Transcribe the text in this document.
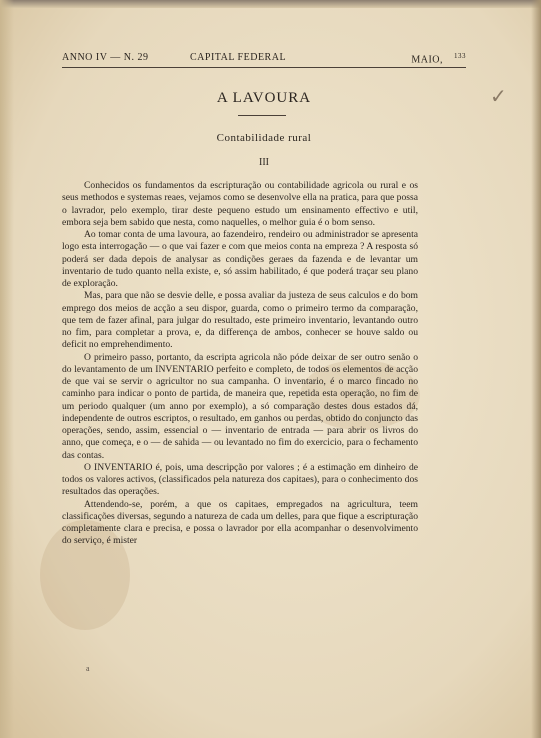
ANNO IV — N. 29	CAPITAL FEDERAL	MAIO, $^{133}$
✓
A LAVOURA
Contabilidade rural
III

Conhecidos os fundamentos da escripturação ou contabilidade agricola ou rural e os seus methodos e systemas reaes, vejamos como se desenvolve ella na pratica, para que possa o lavrador, pelo exemplo, tirar deste pequeno estudo um ensinamento effectivo e util, embora seja bem sabido que nesta, como naquelles, o melhor guia é o bom senso.

Ao tomar conta de uma lavoura, ao fazendeiro, rendeiro ou administrador se apresenta logo esta interrogação — o que vai fazer e com que meios conta na empreza ? A resposta só poderá ser dada depois de analysar as condições geraes da fazenda e de levantar um inventario de tudo quanto nella existe, e, só assim habilitado, é que poderá traçar seu plano de exploração.

Mas, para que não se desvie delle, e possa avaliar da justeza de seus calculos e do bom emprego dos meios de acção a seu dispor, guarda, como o primeiro termo da comparação, que tem de fazer afinal, para julgar do resultado, este primeiro inventario, levantando outro no fim, para completar a prova, e, da differença de ambos, conhecer se houve saldo ou deficit no emprehendimento.

O primeiro passo, portanto, da escripta agricola não póde deixar de ser outro senão o do levantamento de um INVENTARIO perfeito e completo, de todos os elementos de acção de que vai se servir o agricultor no sua campanha. O inventario, é o marco fincado no caminho para indicar o ponto de partida, de maneira que, repetida esta operação, no fim de um periodo qualquer (um anno por exemplo), a só comparação destes dous estados dá, independente de outros escriptos, o resultado, em ganhos ou perdas, obtido do conjuncto das operações, sendo, assim, essencial o — inventario de entrada — para abrir os livros do anno, que começa, e o — de sahida — ou levantado no fim do exercicio, para o fechamento das contas.

O INVENTARIO é, pois, uma descripção por valores ; é a estimação em dinheiro de todos os valores activos, (classificados pela natureza dos capitaes), para o conhecimento dos resultados das operações.

Attendendo-se, porém, a que os capitaes, empregados na agricultura, teem classificações diversas, segundo a natureza de cada um delles, para que fique a escripturação completamente clara e precisa, e possa o lavrador por ella acompanhar o desenvolvimento do serviço, é mister

a
